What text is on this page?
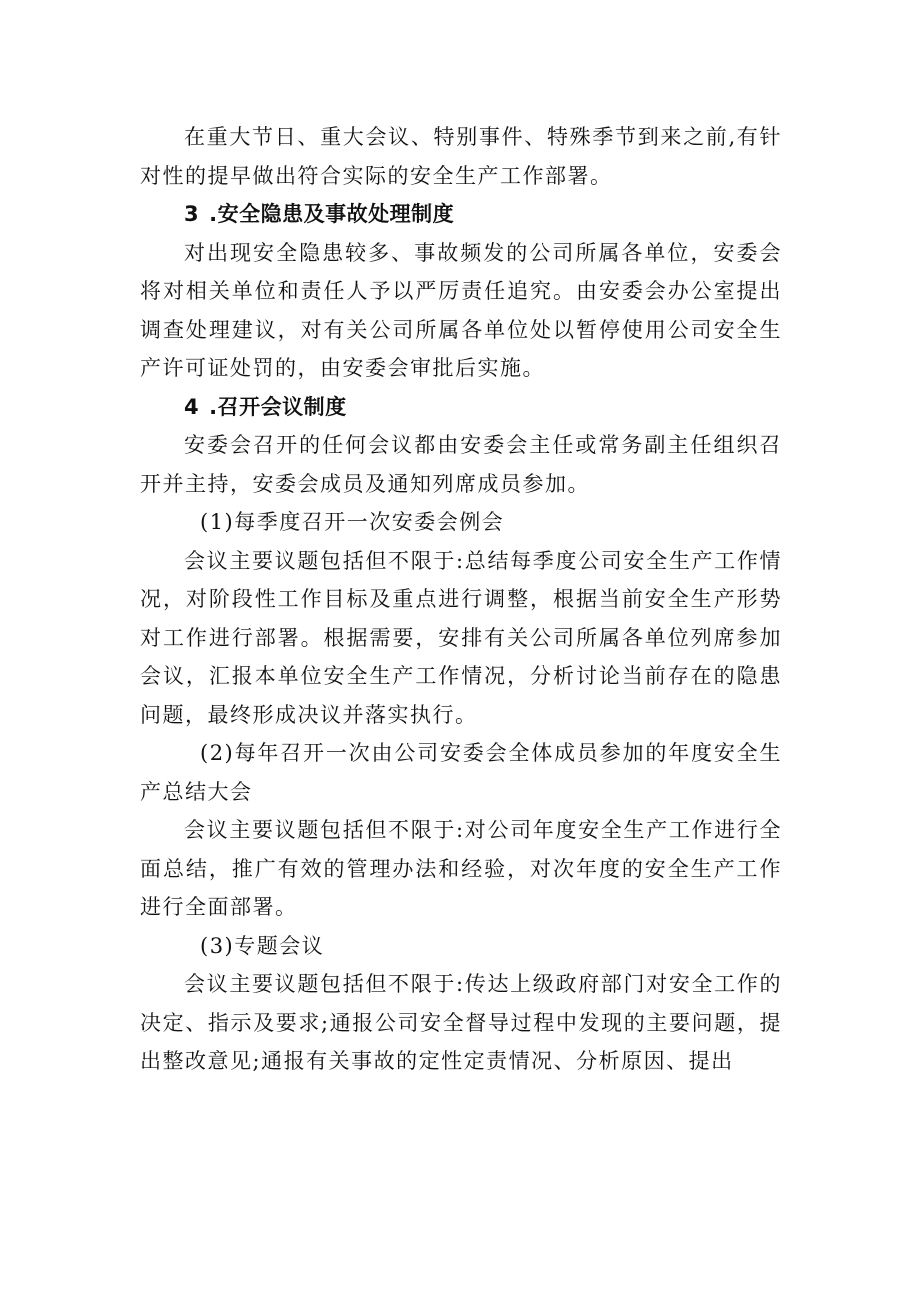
在重大节日、重大会议、特别事件、特殊季节到来之前,有针对性的提早做出符合实际的安全生产工作部署。

3 .安全隐患及事故处理制度

对出现安全隐患较多、事故频发的公司所属各单位，安委会将对相关单位和责任人予以严厉责任追究。由安委会办公室提出调查处理建议，对有关公司所属各单位处以暂停使用公司安全生产许可证处罚的，由安委会审批后实施。

4 .召开会议制度

安委会召开的任何会议都由安委会主任或常务副主任组织召开并主持，安委会成员及通知列席成员参加。

(1)每季度召开一次安委会例会

会议主要议题包括但不限于:总结每季度公司安全生产工作情况，对阶段性工作目标及重点进行调整，根据当前安全生产形势对工作进行部署。根据需要，安排有关公司所属各单位列席参加会议，汇报本单位安全生产工作情况，分析讨论当前存在的隐患问题，最终形成决议并落实执行。

(2)每年召开一次由公司安委会全体成员参加的年度安全生产总结大会

会议主要议题包括但不限于:对公司年度安全生产工作进行全面总结，推广有效的管理办法和经验，对次年度的安全生产工作进行全面部署。

(3)专题会议

会议主要议题包括但不限于:传达上级政府部门对安全工作的决定、指示及要求;通报公司安全督导过程中发现的主要问题，提出整改意见;通报有关事故的定性定责情况、分析原因、提出
